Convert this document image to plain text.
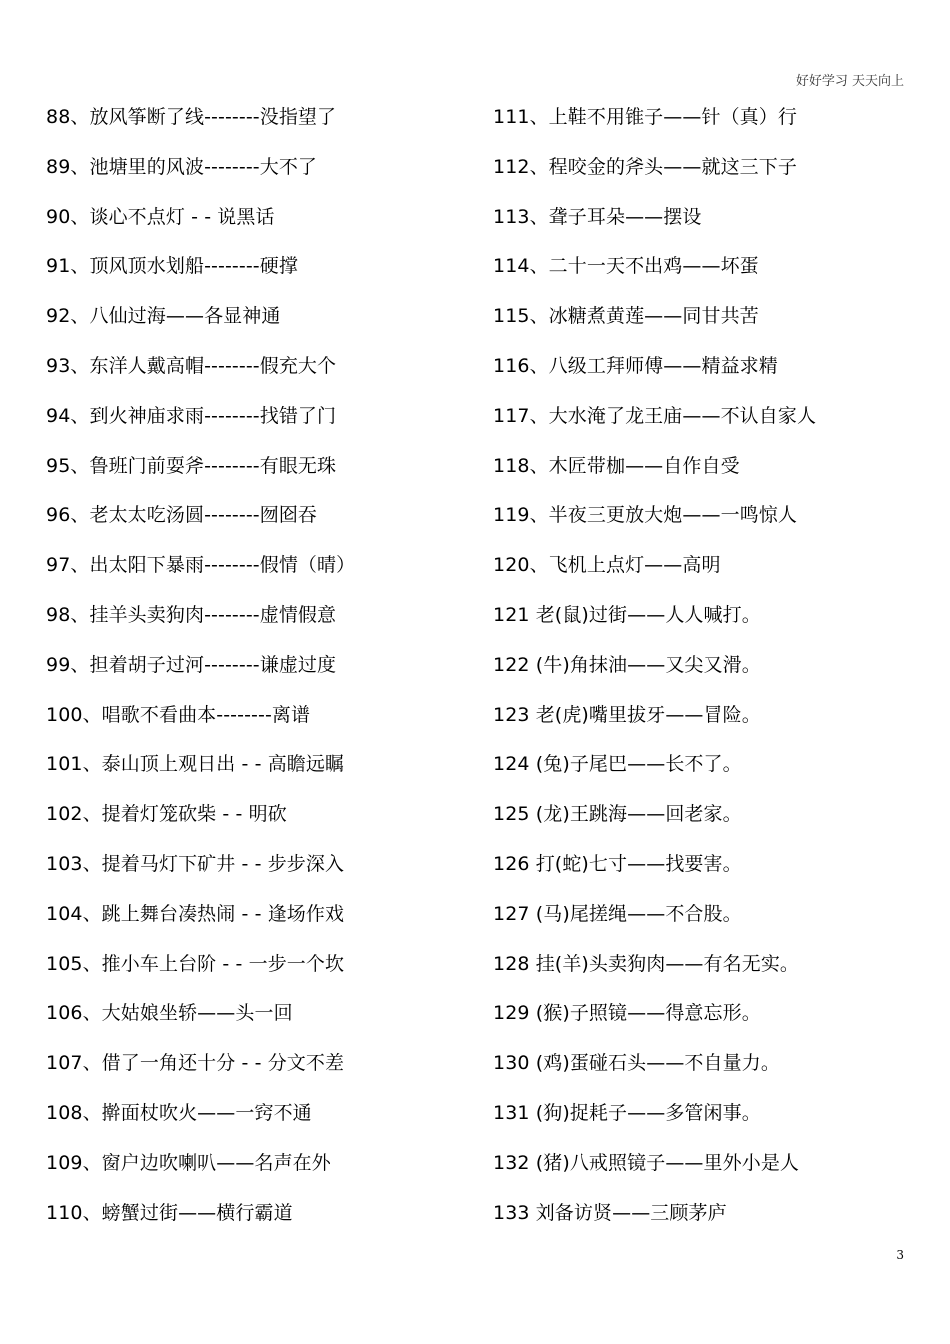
好好学习 天天向上
88、放风筝断了线--------没指望了
89、池塘里的风波--------大不了
90、谈心不点灯 - - 说黑话
91、顶风顶水划船--------硬撑
92、八仙过海——各显神通
93、东洋人戴高帽--------假充大个
94、到火神庙求雨--------找错了门
95、鲁班门前耍斧--------有眼无珠
96、老太太吃汤圆--------囫囵吞
97、出太阳下暴雨--------假情（晴）
98、挂羊头卖狗肉--------虚情假意
99、担着胡子过河--------谦虚过度
100、唱歌不看曲本--------离谱
101、泰山顶上观日出 - - 高瞻远瞩
102、提着灯笼砍柴 - - 明砍
103、提着马灯下矿井 - - 步步深入
104、跳上舞台凑热闹 - - 逢场作戏
105、推小车上台阶 - - 一步一个坎
106、大姑娘坐轿——头一回
107、借了一角还十分 - - 分文不差
108、擀面杖吹火——一窍不通
109、窗户边吹喇叭——名声在外
110、螃蟹过街——横行霸道
111、上鞋不用锥子——针（真）行
112、程咬金的斧头——就这三下子
113、聋子耳朵——摆设
114、二十一天不出鸡——坏蛋
115、冰糖煮黄莲——同甘共苦
116、八级工拜师傅——精益求精
117、大水淹了龙王庙——不认自家人
118、木匠带枷——自作自受
119、半夜三更放大炮——一鸣惊人
120、飞机上点灯——高明
121 老(鼠)过街——人人喊打。
122 (牛)角抹油——又尖又滑。
123 老(虎)嘴里拔牙——冒险。
124 (兔)子尾巴——长不了。
125 (龙)王跳海——回老家。
126 打(蛇)七寸——找要害。
127 (马)尾搓绳——不合股。
128 挂(羊)头卖狗肉——有名无实。
129 (猴)子照镜——得意忘形。
130 (鸡)蛋碰石头——不自量力。
131 (狗)捉耗子——多管闲事。
132 (猪)八戒照镜子——里外小是人
133 刘备访贤——三顾茅庐
3
